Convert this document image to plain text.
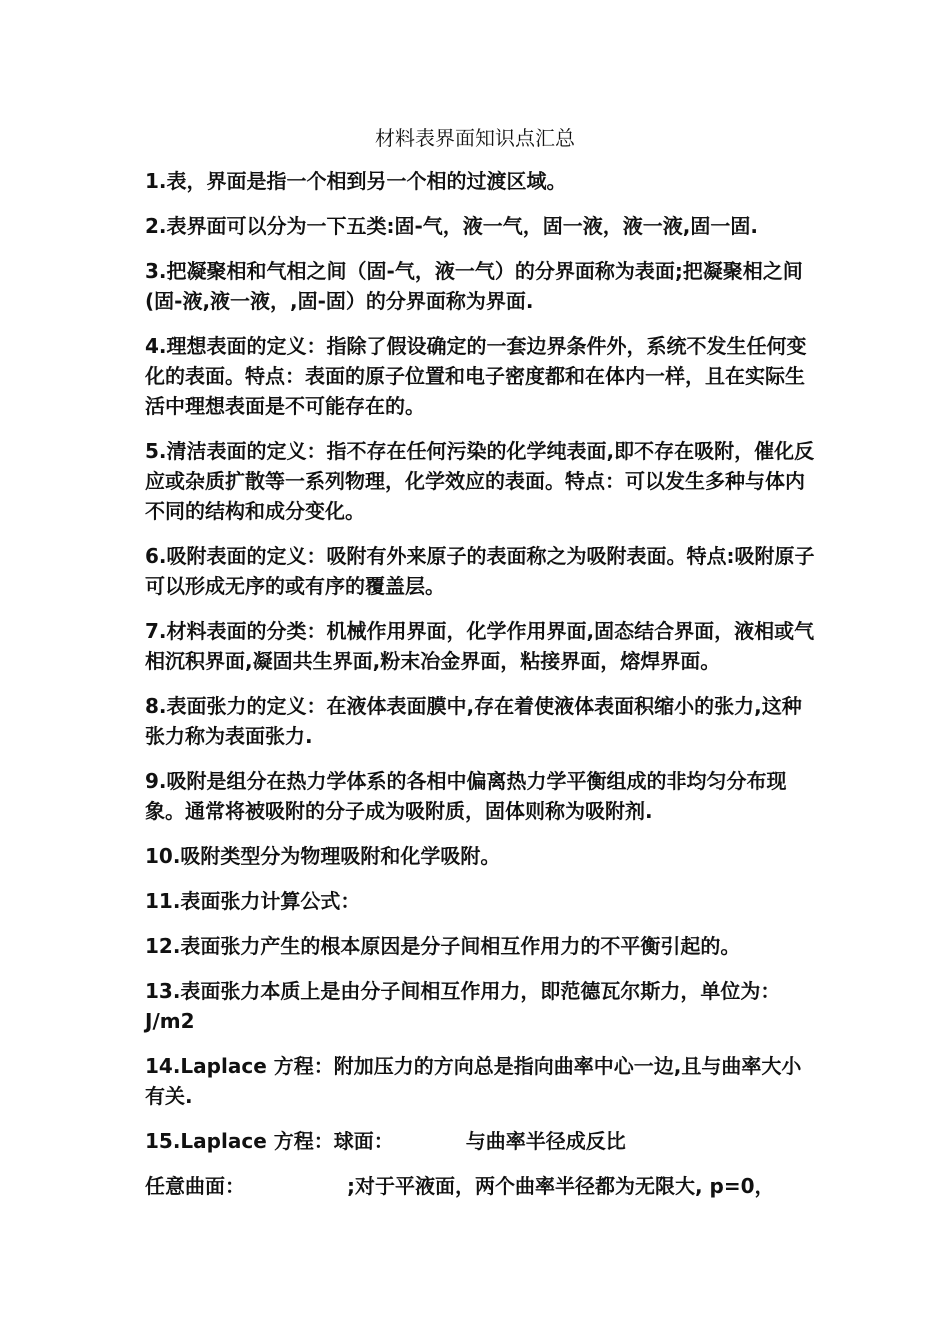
材料表界面知识点汇总

1.表，界面是指一个相到另一个相的过渡区域。

2.表界面可以分为一下五类:固-气，液一气，固一液，液一液,固一固.

3.把凝聚相和气相之间（固-气，液一气）的分界面称为表面;把凝聚相之间(固-液,液一液，,固-固）的分界面称为界面.

4.理想表面的定义：指除了假设确定的一套边界条件外，系统不发生任何变化的表面。特点：表面的原子位置和电子密度都和在体内一样，且在实际生活中理想表面是不可能存在的。

5.清洁表面的定义：指不存在任何污染的化学纯表面,即不存在吸附，催化反应或杂质扩散等一系列物理，化学效应的表面。特点：可以发生多种与体内不同的结构和成分变化。

6.吸附表面的定义：吸附有外来原子的表面称之为吸附表面。特点:吸附原子可以形成无序的或有序的覆盖层。

7.材料表面的分类：机械作用界面，化学作用界面,固态结合界面，液相或气相沉积界面,凝固共生界面,粉末冶金界面，粘接界面，熔焊界面。

8.表面张力的定义：在液体表面膜中,存在着使液体表面积缩小的张力,这种张力称为表面张力.

9.吸附是组分在热力学体系的各相中偏离热力学平衡组成的非均匀分布现象。通常将被吸附的分子成为吸附质，固体则称为吸附剂.

10.吸附类型分为物理吸附和化学吸附。

11.表面张力计算公式：

12.表面张力产生的根本原因是分子间相互作用力的不平衡引起的。

13.表面张力本质上是由分子间相互作用力，即范德瓦尔斯力，单位为：J/m2

14.Laplace 方程：附加压力的方向总是指向曲率中心一边,且与曲率大小有关.

15.Laplace 方程：球面：	与曲率半径成反比

任意曲面：	;对于平液面，两个曲率半径都为无限大, p=0，
